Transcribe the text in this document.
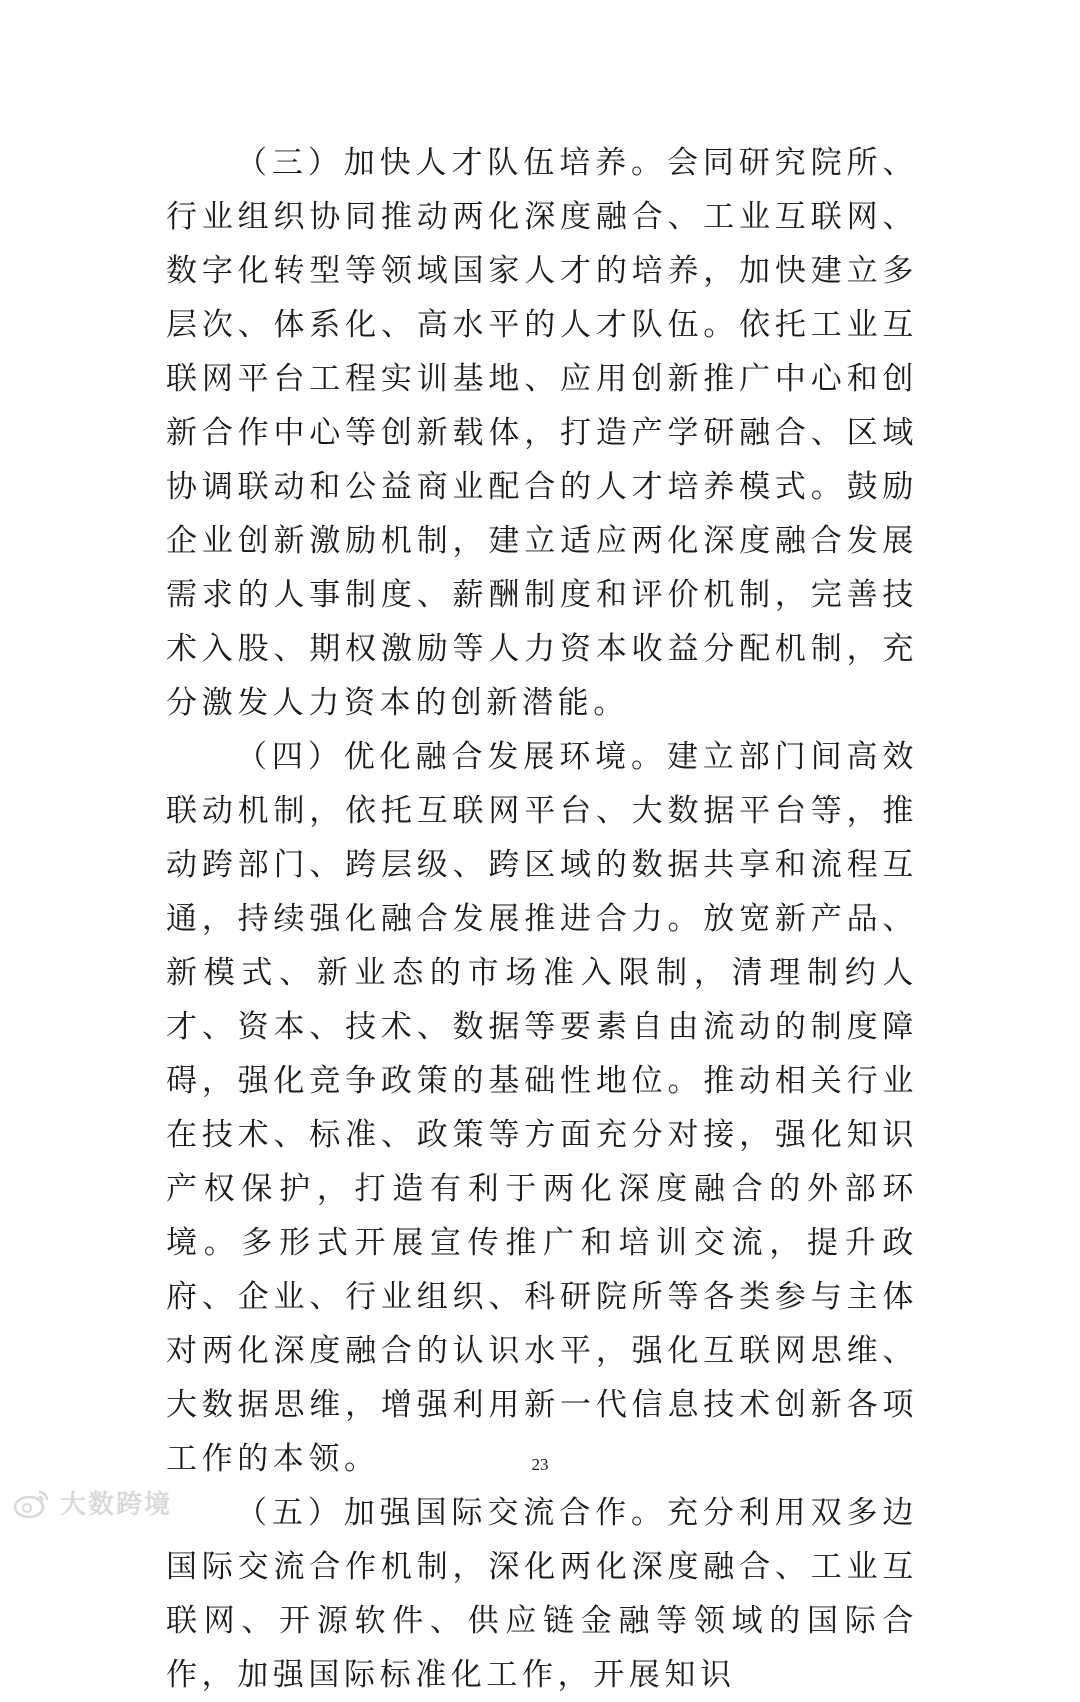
（三）加快人才队伍培养。会同研究院所、行业组织协同推动两化深度融合、工业互联网、数字化转型等领域国家人才的培养，加快建立多层次、体系化、高水平的人才队伍。依托工业互联网平台工程实训基地、应用创新推广中心和创新合作中心等创新载体，打造产学研融合、区域协调联动和公益商业配合的人才培养模式。鼓励企业创新激励机制，建立适应两化深度融合发展需求的人事制度、薪酬制度和评价机制，完善技术入股、期权激励等人力资本收益分配机制，充分激发人力资本的创新潜能。

（四）优化融合发展环境。建立部门间高效联动机制，依托互联网平台、大数据平台等，推动跨部门、跨层级、跨区域的数据共享和流程互通，持续强化融合发展推进合力。放宽新产品、新模式、新业态的市场准入限制，清理制约人才、资本、技术、数据等要素自由流动的制度障碍，强化竞争政策的基础性地位。推动相关行业在技术、标准、政策等方面充分对接，强化知识产权保护，打造有利于两化深度融合的外部环境。多形式开展宣传推广和培训交流，提升政府、企业、行业组织、科研院所等各类参与主体对两化深度融合的认识水平，强化互联网思维、大数据思维，增强利用新一代信息技术创新各项工作的本领。

（五）加强国际交流合作。充分利用双多边国际交流合作机制，深化两化深度融合、工业互联网、开源软件、供应链金融等领域的国际合作，加强国际标准化工作，开展知识

23
大数跨境
